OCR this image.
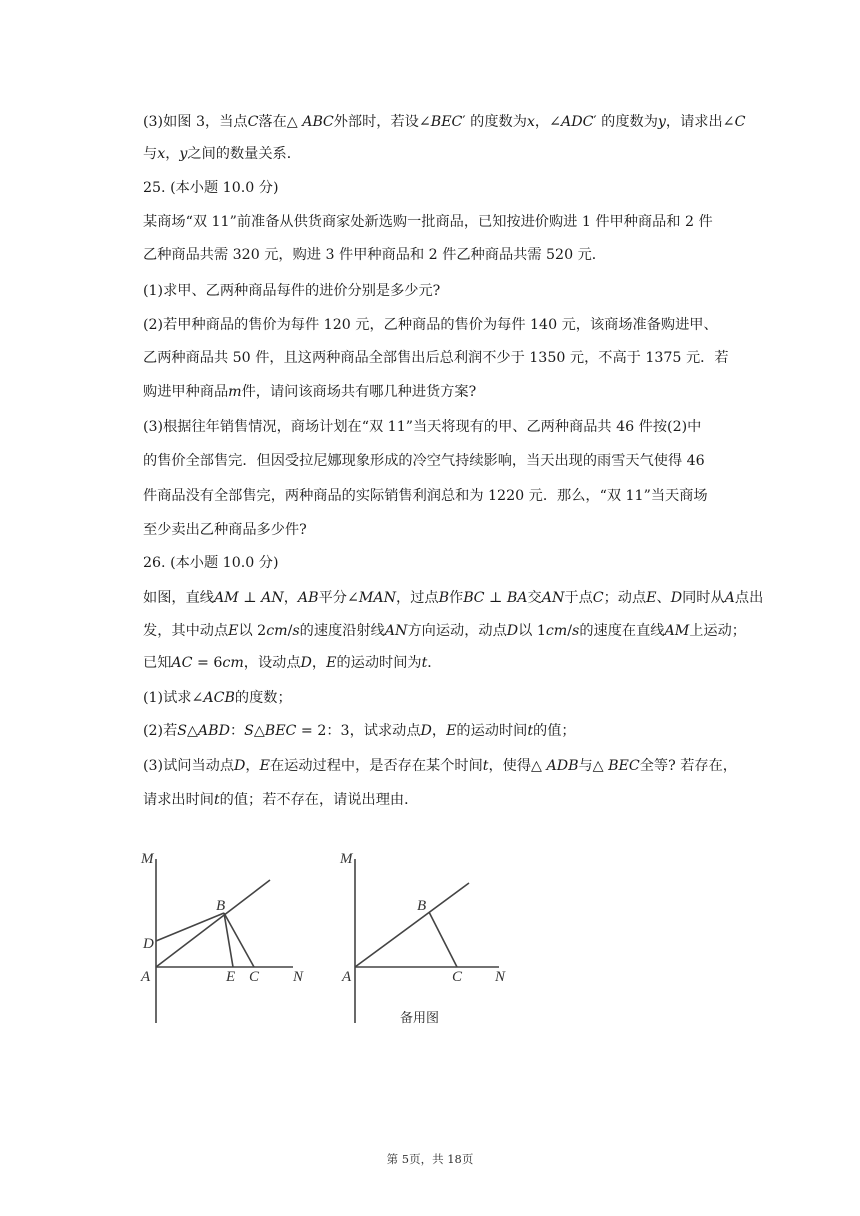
(3)如图 3，当点𝐶落在△ 𝐴𝐵𝐶外部时，若设∠𝐵𝐸𝐶′ 的度数为𝑥，∠𝐴𝐷𝐶′ 的度数为𝑦，请求出∠𝐶
与𝑥，𝑦之间的数量关系．
25. (本小题 10.0 分)
某商场“双 11”前准备从供货商家处新选购一批商品，已知按进价购进 1 件甲种商品和 2 件
乙种商品共需 320 元，购进 3 件甲种商品和 2 件乙种商品共需 520 元．
(1)求甲、乙两种商品每件的进价分别是多少元?
(2)若甲种商品的售价为每件 120 元，乙种商品的售价为每件 140 元，该商场准备购进甲、
乙两种商品共 50 件，且这两种商品全部售出后总利润不少于 1350 元，不高于 1375 元．若
购进甲种商品𝑚件，请问该商场共有哪几种进货方案?
(3)根据往年销售情况，商场计划在“双 11”当天将现有的甲、乙两种商品共 46 件按(2)中
的售价全部售完．但因受拉尼娜现象形成的冷空气持续影响，当天出现的雨雪天气使得 46
件商品没有全部售完，两种商品的实际销售利润总和为 1220 元．那么，“双 11”当天商场
至少卖出乙种商品多少件?
26. (本小题 10.0 分)
如图，直线𝐴𝑀 ⊥ 𝐴𝑁，𝐴𝐵平分∠𝑀𝐴𝑁，过点𝐵作𝐵𝐶 ⊥ 𝐵𝐴交𝐴𝑁于点𝐶；动点𝐸、𝐷同时从𝐴点出
发，其中动点𝐸以 2𝑐𝑚/𝑠的速度沿射线𝐴𝑁方向运动，动点𝐷以 1𝑐𝑚/𝑠的速度在直线𝐴𝑀上运动；
已知𝐴𝐶 = 6𝑐𝑚，设动点𝐷，𝐸的运动时间为𝑡．
(1)试求∠𝐴𝐶𝐵的度数；
(2)若𝑆△𝐴𝐵𝐷：𝑆△𝐵𝐸𝐶 = 2：3，试求动点𝐷，𝐸的运动时间𝑡的值；
(3)试问当动点𝐷，𝐸在运动过程中，是否存在某个时间𝑡，使得△ 𝐴𝐷𝐵与△ 𝐵𝐸𝐶全等? 若存在，
请求出时间𝑡的值；若不存在，请说出理由．
M
B
D
A	E C N
M
B
A	C N
备用图
第 5页，共 18页
